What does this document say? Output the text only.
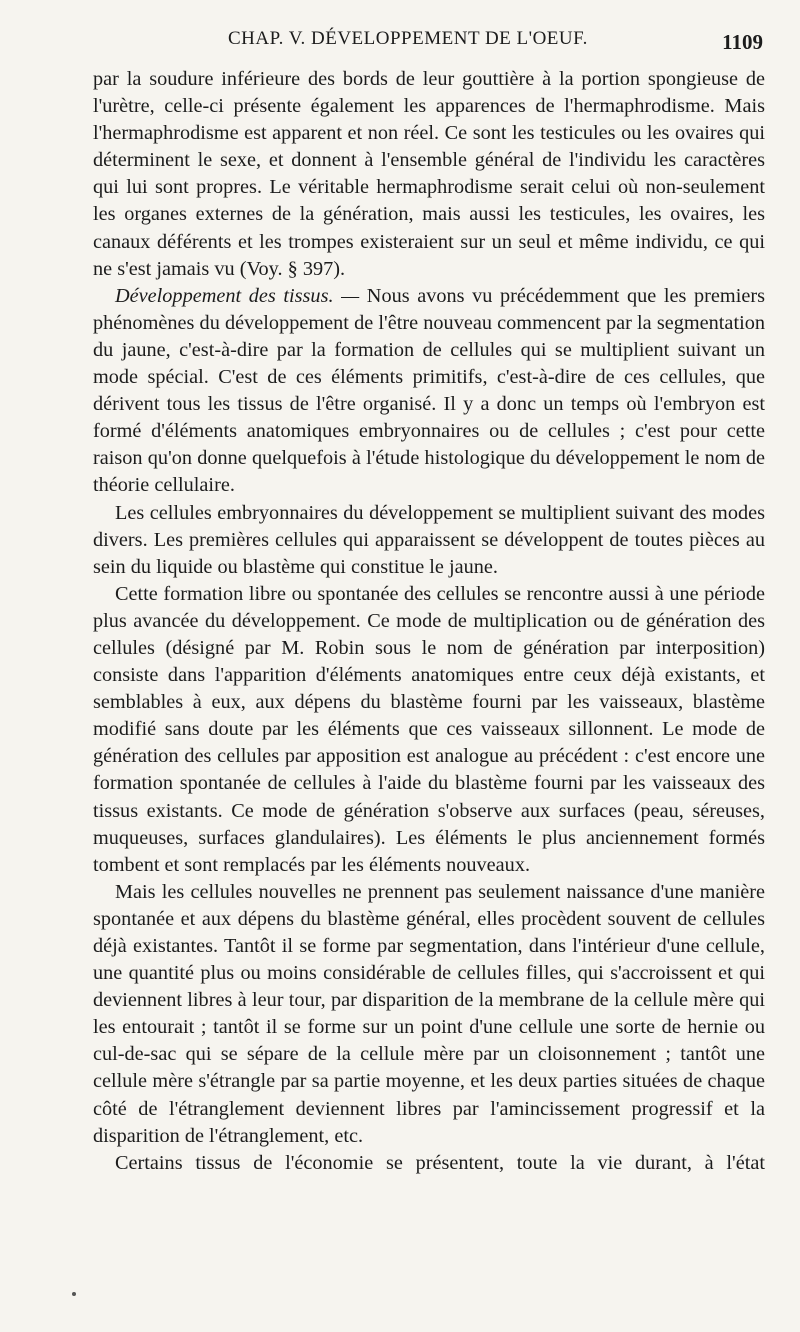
CHAP. V. DÉVELOPPEMENT DE L'OEUF.	1109

par la soudure inférieure des bords de leur gouttière à la portion spongieuse de l'urètre, celle-ci présente également les apparences de l'hermaphrodisme. Mais l'hermaphrodisme est apparent et non réel. Ce sont les testicules ou les ovaires qui déterminent le sexe, et donnent à l'ensemble général de l'individu les caractères qui lui sont propres. Le véritable hermaphrodisme serait celui où non-seulement les organes externes de la génération, mais aussi les testicules, les ovaires, les canaux déférents et les trompes existeraient sur un seul et même individu, ce qui ne s'est jamais vu (Voy. § 397).

Développement des tissus. — Nous avons vu précédemment que les premiers phénomènes du développement de l'être nouveau commencent par la segmentation du jaune, c'est-à-dire par la formation de cellules qui se multiplient suivant un mode spécial. C'est de ces éléments primitifs, c'est-à-dire de ces cellules, que dérivent tous les tissus de l'être organisé. Il y a donc un temps où l'embryon est formé d'éléments anatomiques embryonnaires ou de cellules ; c'est pour cette raison qu'on donne quelquefois à l'étude histologique du développement le nom de théorie cellulaire.

Les cellules embryonnaires du développement se multiplient suivant des modes divers. Les premières cellules qui apparaissent se développent de toutes pièces au sein du liquide ou blastème qui constitue le jaune.

Cette formation libre ou spontanée des cellules se rencontre aussi à une période plus avancée du développement. Ce mode de multiplication ou de génération des cellules (désigné par M. Robin sous le nom de génération par interposition) consiste dans l'apparition d'éléments anatomiques entre ceux déjà existants, et semblables à eux, aux dépens du blastème fourni par les vaisseaux, blastème modifié sans doute par les éléments que ces vaisseaux sillonnent. Le mode de génération des cellules par apposition est analogue au précédent : c'est encore une formation spontanée de cellules à l'aide du blastème fourni par les vaisseaux des tissus existants. Ce mode de génération s'observe aux surfaces (peau, séreuses, muqueuses, surfaces glandulaires). Les éléments le plus anciennement formés tombent et sont remplacés par les éléments nouveaux.

Mais les cellules nouvelles ne prennent pas seulement naissance d'une manière spontanée et aux dépens du blastème général, elles procèdent souvent de cellules déjà existantes. Tantôt il se forme par segmentation, dans l'intérieur d'une cellule, une quantité plus ou moins considérable de cellules filles, qui s'accroissent et qui deviennent libres à leur tour, par disparition de la membrane de la cellule mère qui les entourait ; tantôt il se forme sur un point d'une cellule une sorte de hernie ou cul-de-sac qui se sépare de la cellule mère par un cloisonnement ; tantôt une cellule mère s'étrangle par sa partie moyenne, et les deux parties situées de chaque côté de l'étranglement deviennent libres par l'amincissement progressif et la disparition de l'étranglement, etc.

Certains tissus de l'économie se présentent, toute la vie durant, à l'état
